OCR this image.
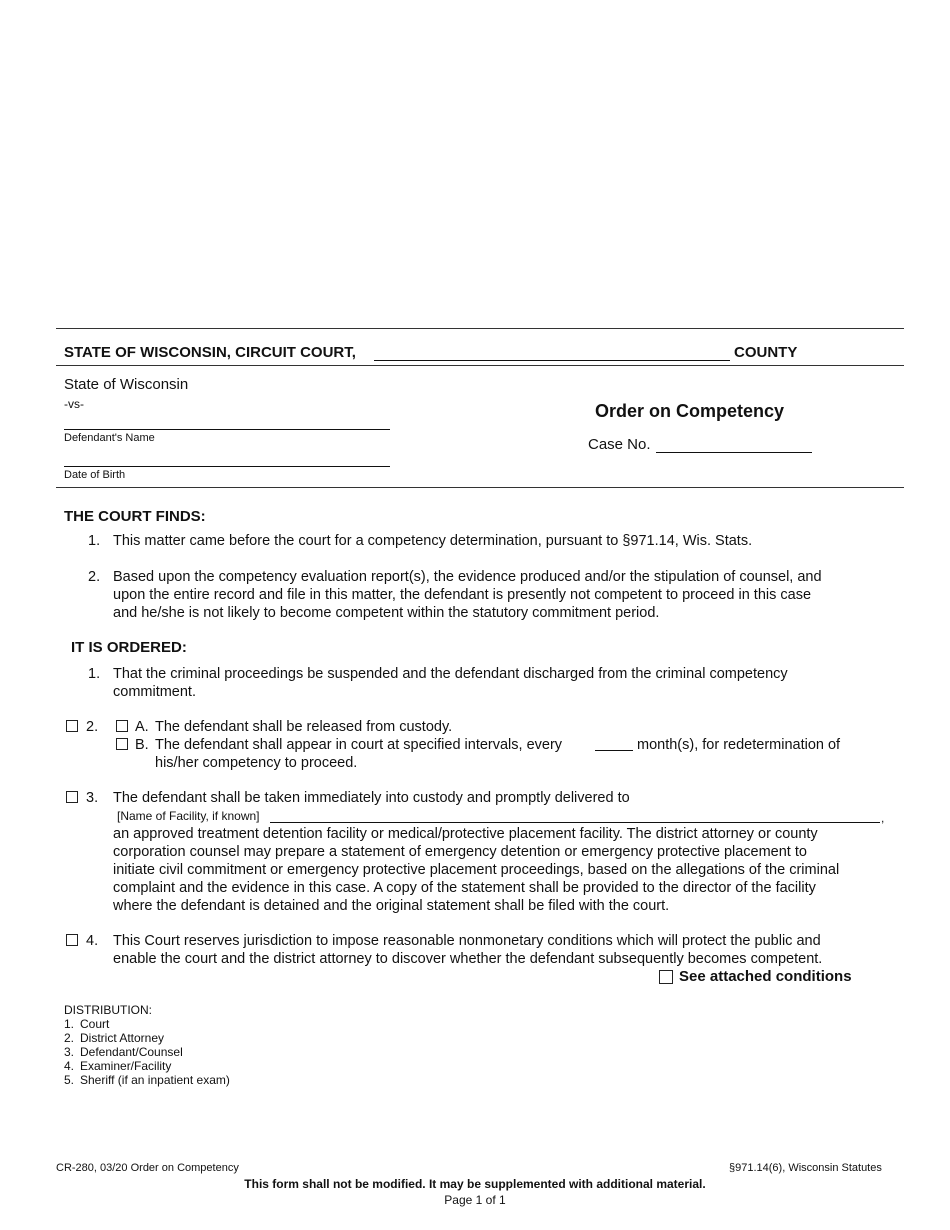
STATE OF WISCONSIN, CIRCUIT COURT,	COUNTY
State of Wisconsin
-vs-
Defendant's Name
Date of Birth
Order on Competency
Case No.
THE COURT FINDS:
1. This matter came before the court for a competency determination, pursuant to §971.14, Wis. Stats.
2. Based upon the competency evaluation report(s), the evidence produced and/or the stipulation of counsel, and
upon the entire record and file in this matter, the defendant is presently not competent to proceed in this case
and he/she is not likely to become competent within the statutory commitment period.
IT IS ORDERED:
1. That the criminal proceedings be suspended and the defendant discharged from the criminal competency
commitment.
2.	A. The defendant shall be released from custody.
B. The defendant shall appear in court at specified intervals, every	month(s), for redetermination of
his/her competency to proceed.
3. The defendant shall be taken immediately into custody and promptly delivered to
[Name of Facility, if known]	,
an approved treatment detention facility or medical/protective placement facility. The district attorney or county
corporation counsel may prepare a statement of emergency detention or emergency protective placement to
initiate civil commitment or emergency protective placement proceedings, based on the allegations of the criminal
complaint and the evidence in this case. A copy of the statement shall be provided to the director of the facility
where the defendant is detained and the original statement shall be filed with the court.
4. This Court reserves jurisdiction to impose reasonable nonmonetary conditions which will protect the public and
enable the court and the district attorney to discover whether the defendant subsequently becomes competent.
See attached conditions
DISTRIBUTION:
1. Court
2. District Attorney
3. Defendant/Counsel
4. Examiner/Facility
5. Sheriff (if an inpatient exam)
CR-280, 03/20 Order on Competency	§971.14(6), Wisconsin Statutes
This form shall not be modified. It may be supplemented with additional material.
Page 1 of 1
